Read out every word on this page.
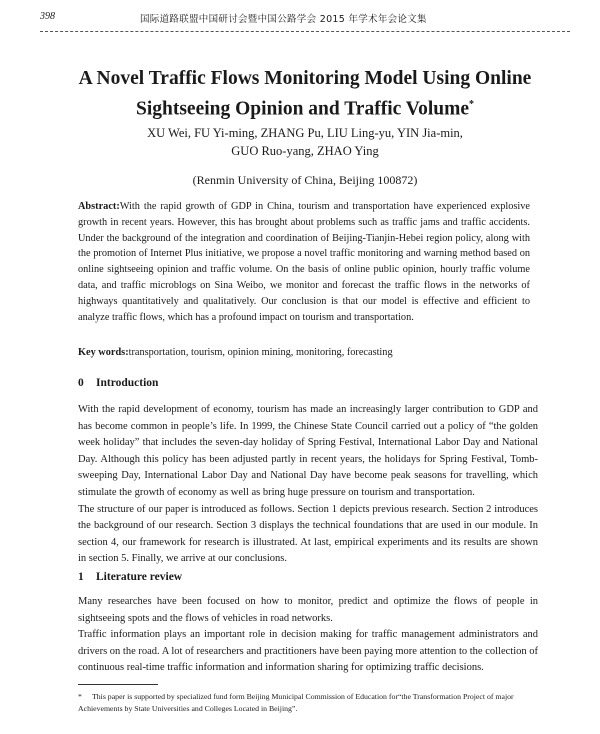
398	国际道路联盟中国研讨会暨中国公路学会 2015 年学术年会论文集
A Novel Traffic Flows Monitoring Model Using Online
Sightseeing Opinion and Traffic Volume*

XU Wei, FU Yi-ming, ZHANG Pu, LIU Ling-yu, YIN Jia-min,
GUO Ruo-yang, ZHAO Ying

(Renmin University of China, Beijing 100872)

Abstract:With the rapid growth of GDP in China, tourism and transportation have experienced explosive growth in recent years. However, this has brought about problems such as traffic jams and traffic accidents. Under the background of the integration and coordination of Beijing-Tianjin-Hebei region policy, along with the promotion of Internet Plus initiative, we propose a novel traffic monitoring and warning method based on online sightseeing opinion and traffic volume. On the basis of online public opinion, hourly traffic volume data, and traffic microblogs on Sina Weibo, we monitor and forecast the traffic flows in the networks of highways quantitatively and qualitatively. Our conclusion is that our model is effective and efficient to analyze traffic flows, which has a profound impact on tourism and transportation.

Key words:transportation, tourism, opinion mining, monitoring, forecasting

0 Introduction

With the rapid development of economy, tourism has made an increasingly larger contribution to GDP and has become common in people’s life. In 1999, the Chinese State Council carried out a policy of “the golden week holiday” that includes the seven-day holiday of Spring Festival, International Labor Day and National Day. Although this policy has been adjusted partly in recent years, the holidays for Spring Festival, Tomb-sweeping Day, International Labor Day and National Day have become peak seasons for travelling, which stimulate the growth of economy as well as bring huge pressure on tourism and transportation.

The structure of our paper is introduced as follows. Section 1 depicts previous research. Section 2 introduces the background of our research. Section 3 displays the technical foundations that are used in our module. In section 4, our framework for research is illustrated. At last, empirical experiments and its results are shown in section 5. Finally, we arrive at our conclusions.

1 Literature review

Many researches have been focused on how to monitor, predict and optimize the flows of people in sightseeing spots and the flows of vehicles in road networks.

Traffic information plays an important role in decision making for traffic management administrators and drivers on the road. A lot of researchers and practitioners have been paying more attention to the collection of continuous real-time traffic information and information sharing for optimizing traffic decisions.

* This paper is supported by specialized fund form Beijing Municipal Commission of Education for“the Transformation Project of major Achievements by State Universities and Colleges Located in Beijing”.
